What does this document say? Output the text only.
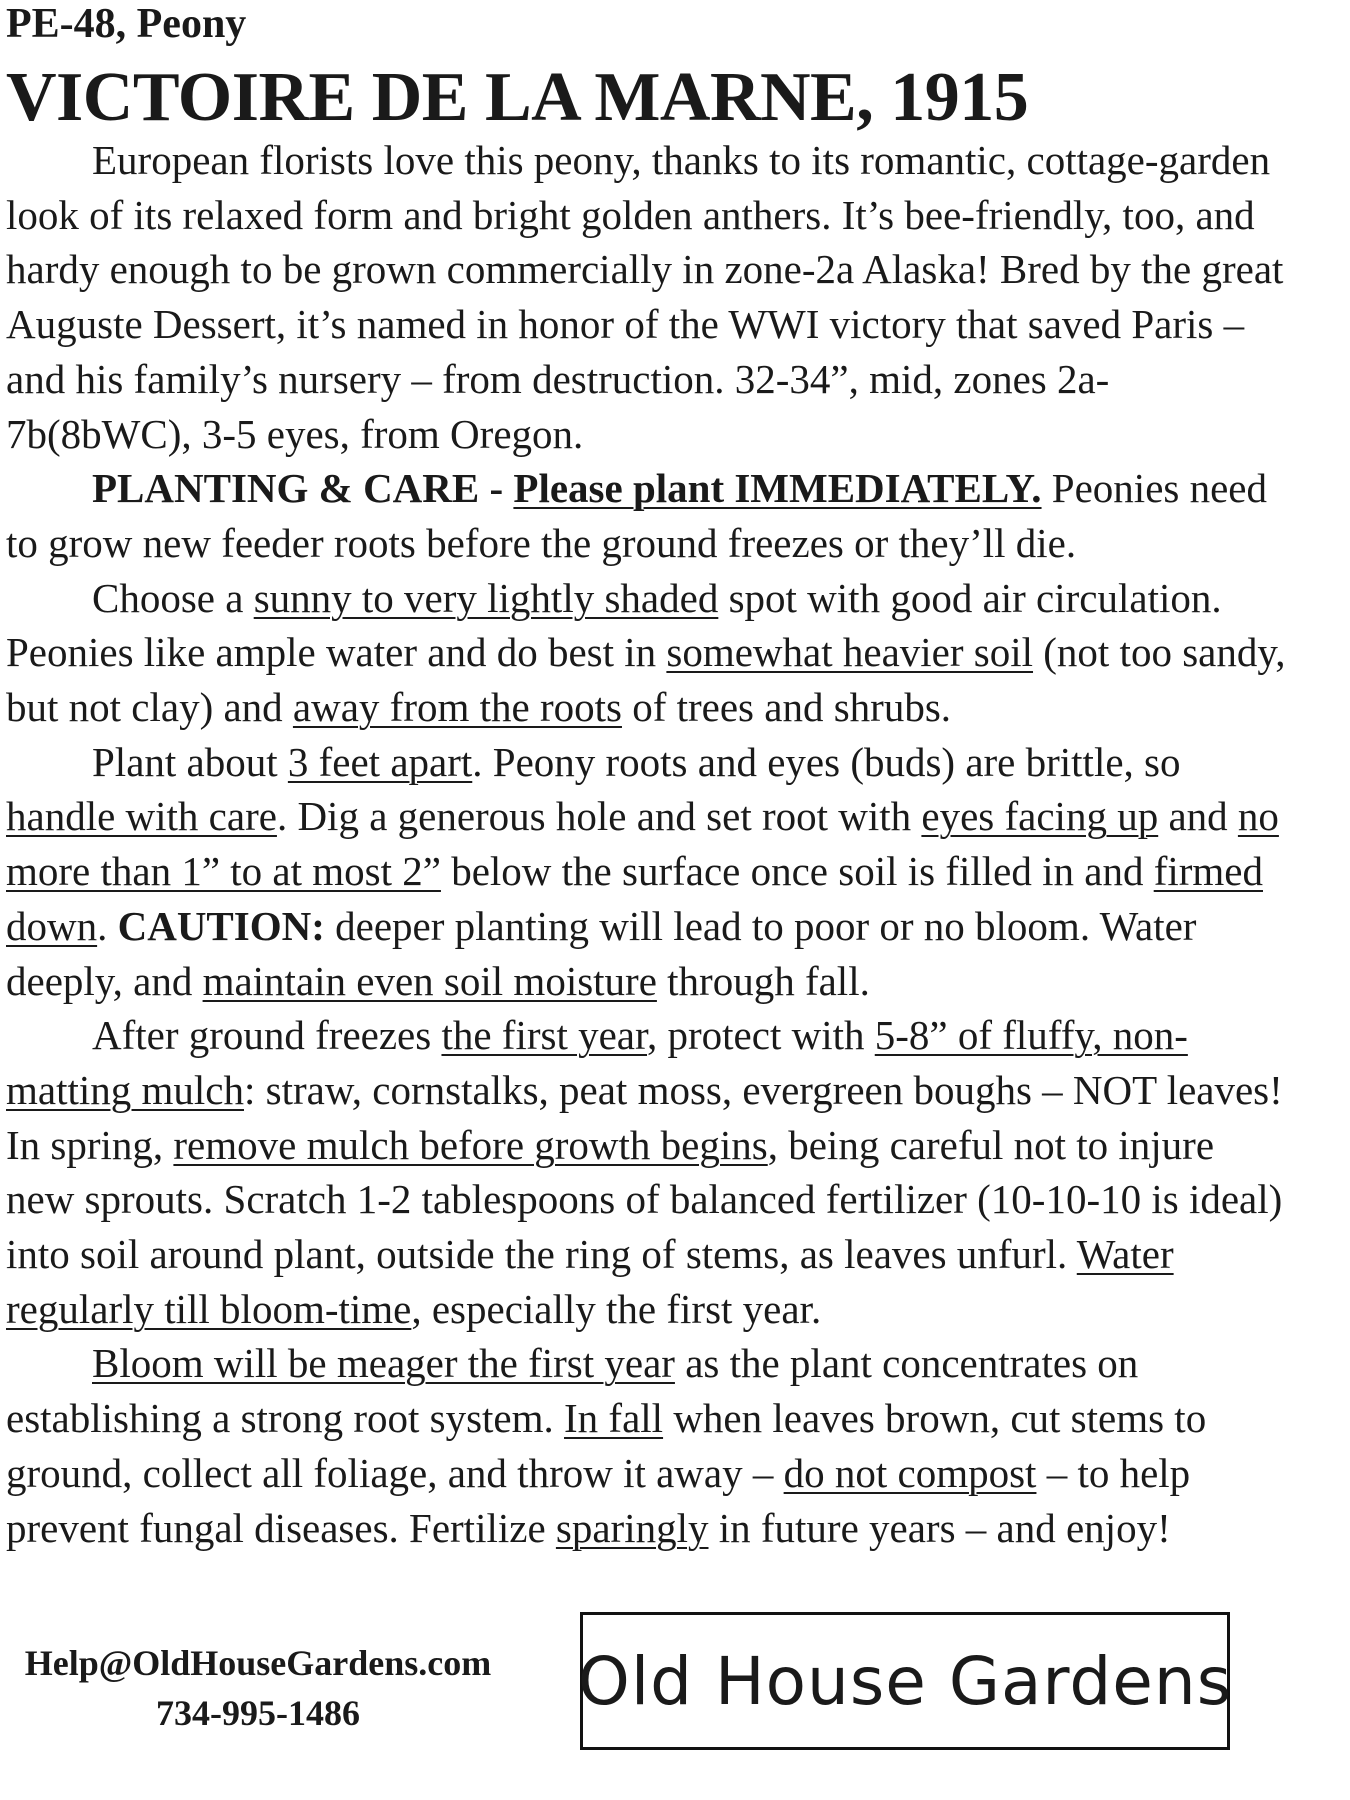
PE-48, Peony
VICTOIRE DE LA MARNE, 1915

European florists love this peony, thanks to its romantic, cottage-garden look of its relaxed form and bright golden anthers. It’s bee-friendly, too, and hardy enough to be grown commercially in zone-2a Alaska! Bred by the great Auguste Dessert, it’s named in honor of the WWI victory that saved Paris – and his family’s nursery – from destruction. 32-34”, mid, zones 2a-7b(8bWC), 3-5 eyes, from Oregon.

PLANTING & CARE - Please plant IMMEDIATELY. Peonies need to grow new feeder roots before the ground freezes or they’ll die.

Choose a sunny to very lightly shaded spot with good air circulation. Peonies like ample water and do best in somewhat heavier soil (not too sandy, but not clay) and away from the roots of trees and shrubs.

Plant about 3 feet apart. Peony roots and eyes (buds) are brittle, so handle with care. Dig a generous hole and set root with eyes facing up and no more than 1” to at most 2” below the surface once soil is filled in and firmed down. CAUTION: deeper planting will lead to poor or no bloom. Water deeply, and maintain even soil moisture through fall.

After ground freezes the first year, protect with 5-8” of fluffy, non-matting mulch: straw, cornstalks, peat moss, evergreen boughs – NOT leaves! In spring, remove mulch before growth begins, being careful not to injure new sprouts. Scratch 1-2 tablespoons of balanced fertilizer (10-10-10 is ideal) into soil around plant, outside the ring of stems, as leaves unfurl. Water regularly till bloom-time, especially the first year.

Bloom will be meager the first year as the plant concentrates on establishing a strong root system. In fall when leaves brown, cut stems to ground, collect all foliage, and throw it away – do not compost – to help prevent fungal diseases. Fertilize sparingly in future years – and enjoy!

Help@OldHouseGardens.com
734-995-1486	Old House Gardens
